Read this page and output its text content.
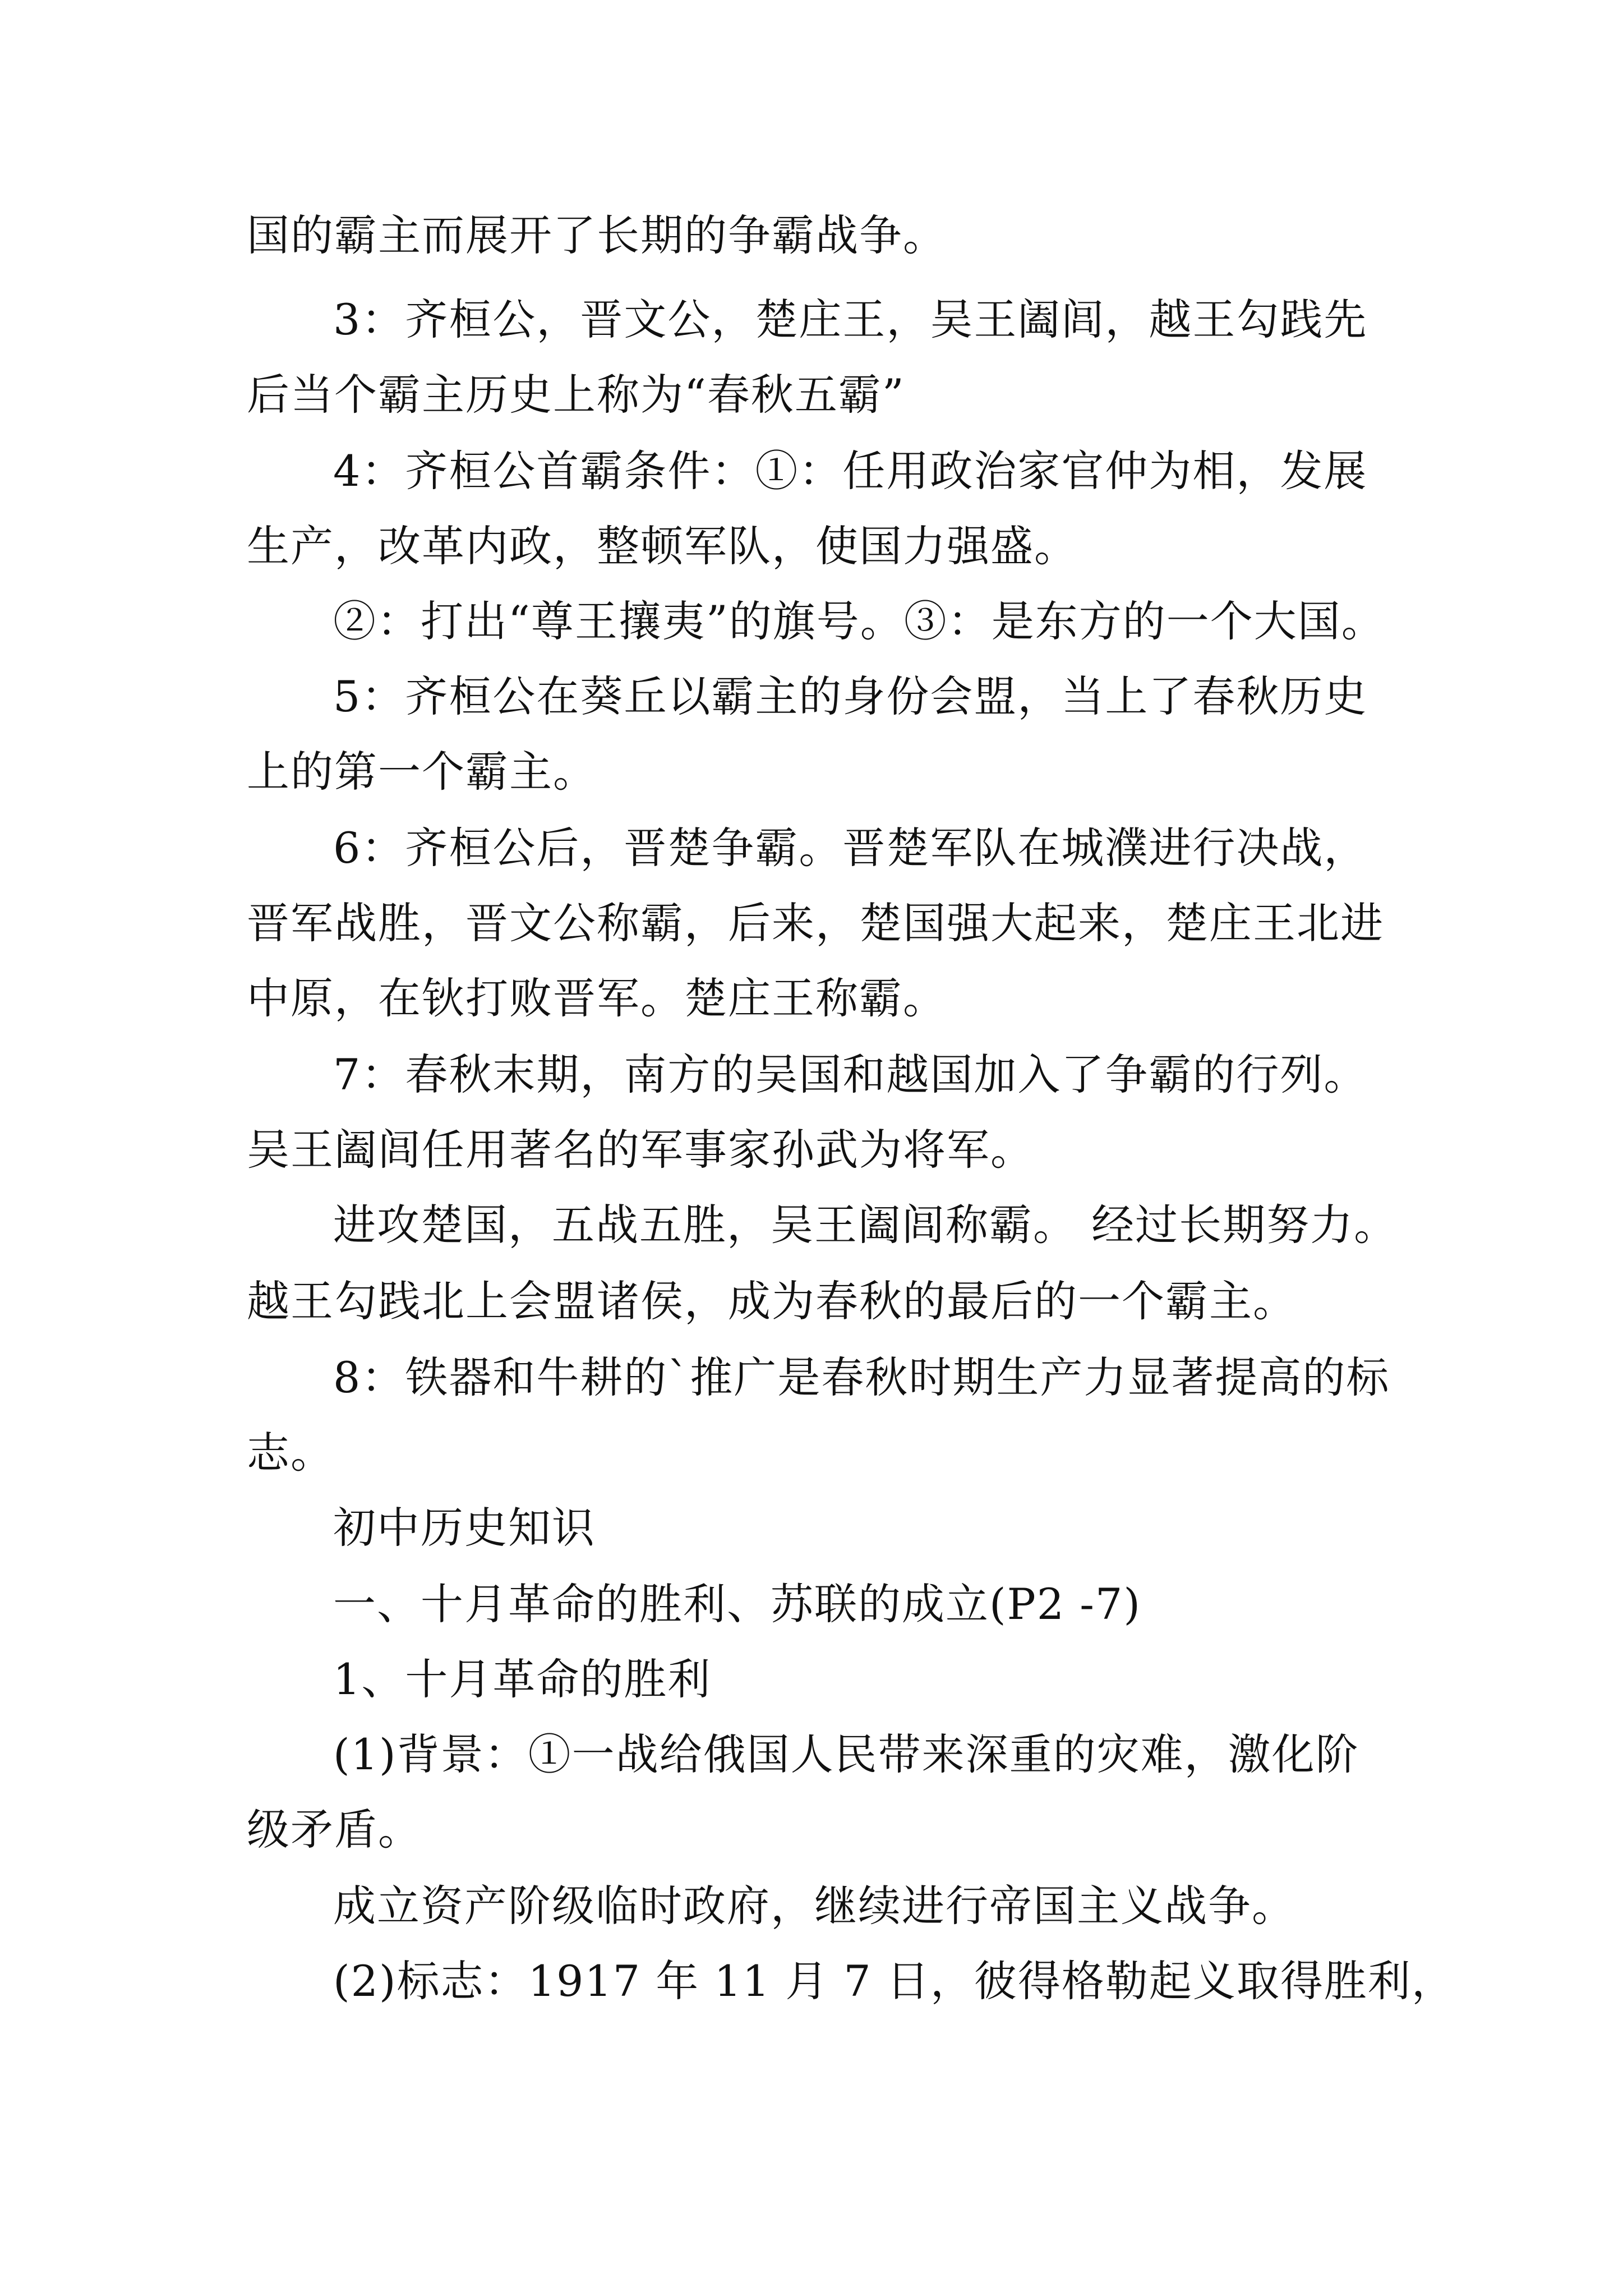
国的霸主而展开了长期的争霸战争。
3：齐桓公，晋文公，楚庄王，吴王阖闾，越王勾践先
后当个霸主历史上称为“春秋五霸”
4：齐桓公首霸条件：①：任用政治家官仲为相，发展
生产，改革内政，整顿军队，使国力强盛。
②：打出“尊王攘夷”的旗号。③：是东方的一个大国。
5：齐桓公在葵丘以霸主的身份会盟，当上了春秋历史
上的第一个霸主。
6：齐桓公后，晋楚争霸。晋楚军队在城濮进行决战，
晋军战胜，晋文公称霸，后来，楚国强大起来，楚庄王北进
中原，在钬打败晋军。楚庄王称霸。
7：春秋末期，南方的吴国和越国加入了争霸的行列。
吴王阖闾任用著名的军事家孙武为将军。
进攻楚国，五战五胜，吴王阖闾称霸。 经过长期努力。
越王勾践北上会盟诸侯，成为春秋的最后的一个霸主。
8：铁器和牛耕的`推广是春秋时期生产力显著提高的标
志。
初中历史知识
一、十月革命的胜利、苏联的成立(P2 -7)
1、十月革命的胜利
(1)背景：①一战给俄国人民带来深重的灾难，激化阶
级矛盾。
成立资产阶级临时政府，继续进行帝国主义战争。
(2)标志：1917 年 11 月 7 日，彼得格勒起义取得胜利，
